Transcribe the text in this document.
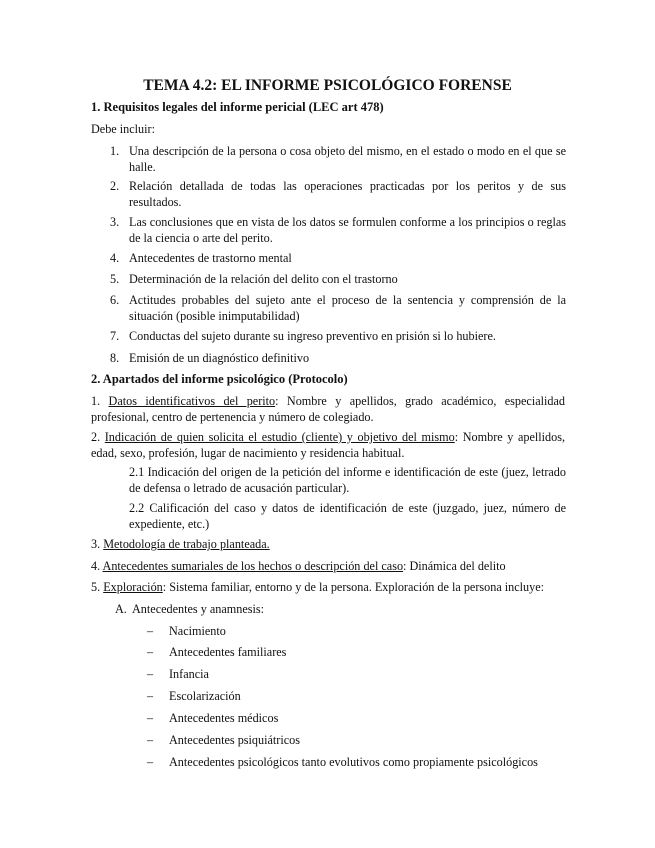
TEMA 4.2: EL INFORME PSICOLÓGICO FORENSE
1. Requisitos legales del informe pericial (LEC art 478)
Debe incluir:
1. Una descripción de la persona o cosa objeto del mismo, en el estado o modo en el que se halle.
2. Relación detallada de todas las operaciones practicadas por los peritos y de sus resultados.
3. Las conclusiones que en vista de los datos se formulen conforme a los principios o reglas de la ciencia o arte del perito.
4. Antecedentes de trastorno mental
5. Determinación de la relación del delito con el trastorno
6. Actitudes probables del sujeto ante el proceso de la sentencia y comprensión de la situación (posible inimputabilidad)
7. Conductas del sujeto durante su ingreso preventivo en prisión si lo hubiere.
8. Emisión de un diagnóstico definitivo
2. Apartados del informe psicológico (Protocolo)
1. Datos identificativos del perito: Nombre y apellidos, grado académico, especialidad profesional, centro de pertenencia y número de colegiado.
2. Indicación de quien solicita el estudio (cliente) y objetivo del mismo: Nombre y apellidos, edad, sexo, profesión, lugar de nacimiento y residencia habitual.
2.1 Indicación del origen de la petición del informe e identificación de este (juez, letrado de defensa o letrado de acusación particular).
2.2 Calificación del caso y datos de identificación de este (juzgado, juez, número de expediente, etc.)
3. Metodología de trabajo planteada.
4. Antecedentes sumariales de los hechos o descripción del caso: Dinámica del delito
5. Exploración: Sistema familiar, entorno y de la persona. Exploración de la persona incluye:
A. Antecedentes y anamnesis:
– Nacimiento
– Antecedentes familiares
– Infancia
– Escolarización
– Antecedentes médicos
– Antecedentes psiquiátricos
– Antecedentes psicológicos tanto evolutivos como propiamente psicológicos
